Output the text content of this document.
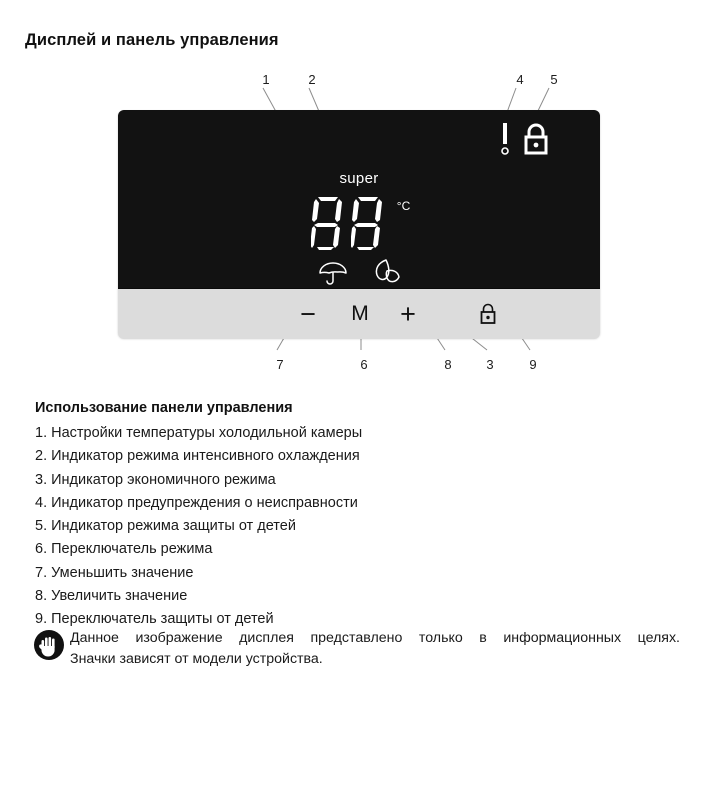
Дисплей и панель управления
super
°C
−	M	+
1	2	4	5
7	6	8	3	9
Использование панели управления
1. Настройки температуры холодильной камеры
2. Индикатор режима интенсивного охлаждения
3. Индикатор экономичного режима
4. Индикатор предупреждения о неисправности
5. Индикатор режима защиты от детей
6. Переключатель режима
7. Уменьшить значение
8. Увеличить значение
9. Переключатель защиты от детей
Данное изображение дисплея представлено только в информационных целях.
Значки зависят от модели устройства.
